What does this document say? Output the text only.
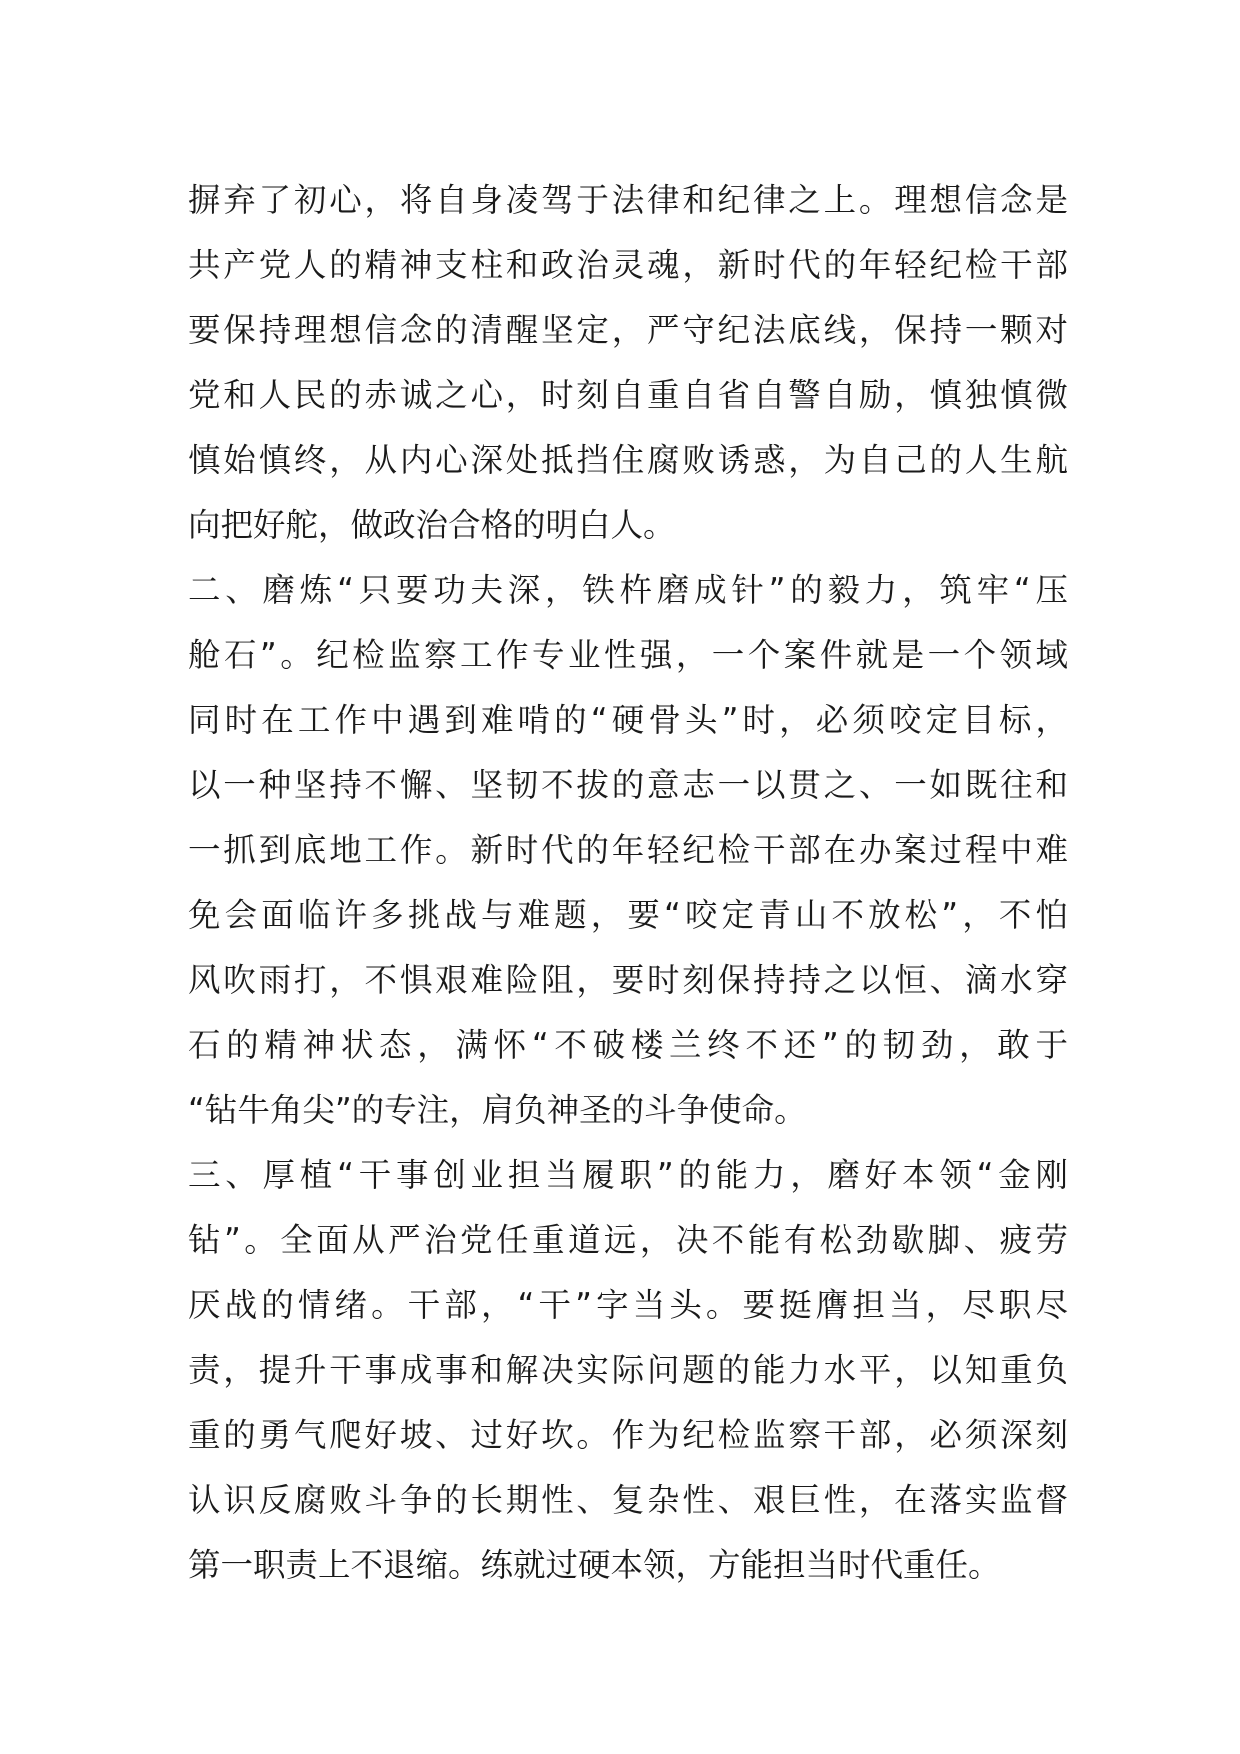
摒弃了初心，将自身凌驾于法律和纪律之上。理想信念是
共产党人的精神支柱和政治灵魂，新时代的年轻纪检干部
要保持理想信念的清醒坚定，严守纪法底线，保持一颗对
党和人民的赤诚之心，时刻自重自省自警自励，慎独慎微
慎始慎终，从内心深处抵挡住腐败诱惑，为自己的人生航
向把好舵，做政治合格的明白人。
二、磨炼“只要功夫深，铁杵磨成针”的毅力，筑牢“压
舱石”。纪检监察工作专业性强，一个案件就是一个领域
同时在工作中遇到难啃的“硬骨头”时，必须咬定目标，
以一种坚持不懈、坚韧不拔的意志一以贯之、一如既往和
一抓到底地工作。新时代的年轻纪检干部在办案过程中难
免会面临许多挑战与难题，要“咬定青山不放松”，不怕
风吹雨打，不惧艰难险阻，要时刻保持持之以恒、滴水穿
石的精神状态，满怀“不破楼兰终不还”的韧劲，敢于
“钻牛角尖”的专注，肩负神圣的斗争使命。
三、厚植“干事创业担当履职”的能力，磨好本领“金刚
钻”。全面从严治党任重道远，决不能有松劲歇脚、疲劳
厌战的情绪。干部，“干”字当头。要挺膺担当，尽职尽
责，提升干事成事和解决实际问题的能力水平，以知重负
重的勇气爬好坡、过好坎。作为纪检监察干部，必须深刻
认识反腐败斗争的长期性、复杂性、艰巨性，在落实监督
第一职责上不退缩。练就过硬本领，方能担当时代重任。
